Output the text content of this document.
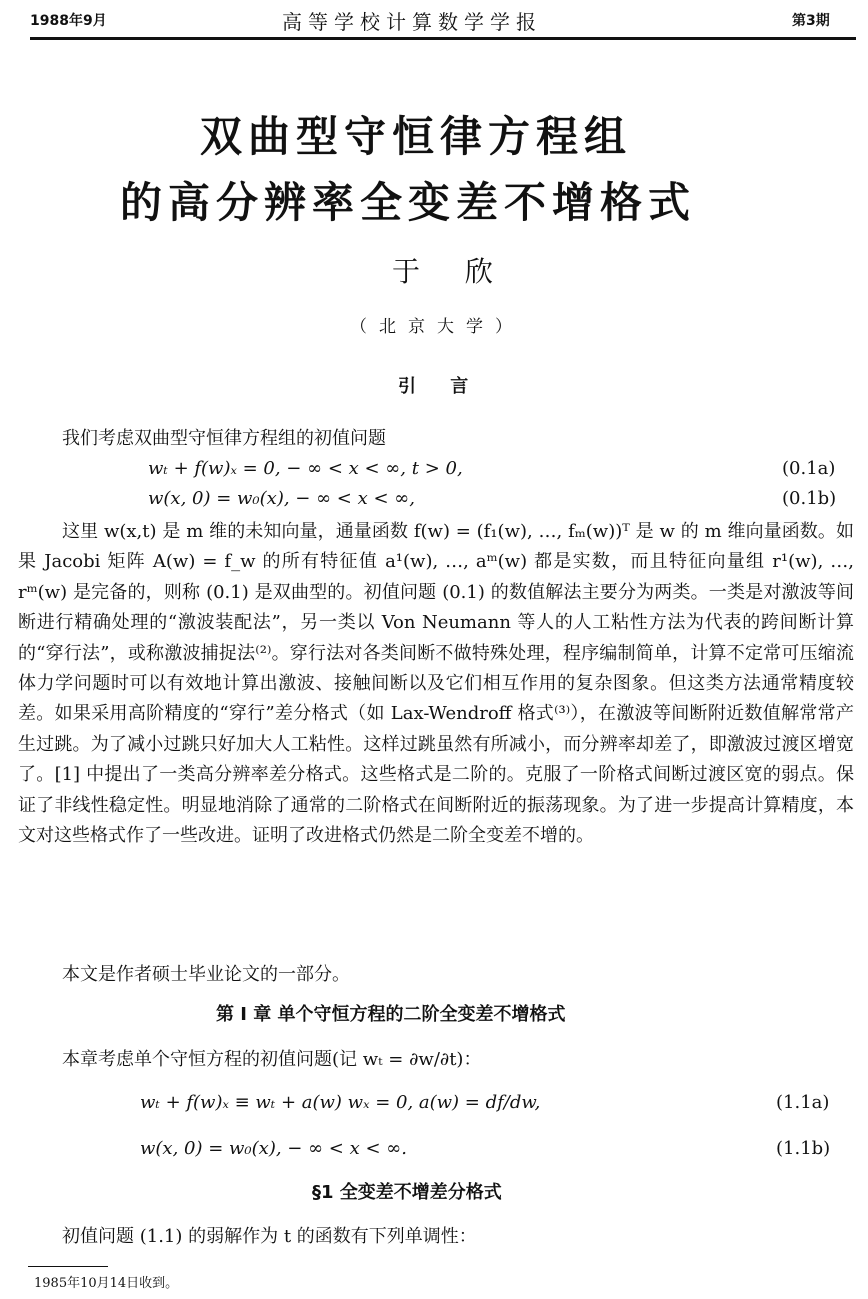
1988年9月	高等学校计算数学学报	第3期
双曲型守恒律方程组
的高分辨率全变差不增格式
于 欣
（北京大学）
引 言
我们考虑双曲型守恒律方程组的初值问题
wₜ + f(w)ₓ = 0, − ∞ < x < ∞, t > 0,	(0.1a)
w(x, 0) = w₀(x), − ∞ < x < ∞,	(0.1b)
这里 w(x,t) 是 m 维的未知向量，通量函数 f(w) = (f₁(w), …, fₘ(w))ᵀ 是 w 的 m 维向量函数。如果 Jacobi 矩阵 A(w) = f_w 的所有特征值 a¹(w), …, aᵐ(w) 都是实数，而且特征向量组 r¹(w), …, rᵐ(w) 是完备的，则称 (0.1) 是双曲型的。初值问题 (0.1) 的数值解法主要分为两类。一类是对激波等间断进行精确处理的“激波装配法”，另一类以 Von Neumann 等人的人工粘性方法为代表的跨间断计算的“穿行法”，或称激波捕捉法⁽²⁾。穿行法对各类间断不做特殊处理，程序编制简单，计算不定常可压缩流体力学问题时可以有效地计算出激波、接触间断以及它们相互作用的复杂图象。但这类方法通常精度较差。如果采用高阶精度的“穿行”差分格式（如 Lax-Wendroff 格式⁽³⁾），在激波等间断附近数值解常常产生过跳。为了减小过跳只好加大人工粘性。这样过跳虽然有所减小，而分辨率却差了，即激波过渡区增宽了。[1] 中提出了一类高分辨率差分格式。这些格式是二阶的。克服了一阶格式间断过渡区宽的弱点。保证了非线性稳定性。明显地消除了通常的二阶格式在间断附近的振荡现象。为了进一步提高计算精度，本文对这些格式作了一些改进。证明了改进格式仍然是二阶全变差不增的。
本文是作者硕士毕业论文的一部分。
第 I 章 单个守恒方程的二阶全变差不增格式
本章考虑单个守恒方程的初值问题(记 wₜ = ∂w/∂t)：
wₜ + f(w)ₓ ≡ wₜ + a(w) wₓ = 0, a(w) = df/dw,	(1.1a)
w(x, 0) = w₀(x), − ∞ < x < ∞.	(1.1b)
§1 全变差不增差分格式
初值问题 (1.1) 的弱解作为 t 的函数有下列单调性：
1985年10月14日收到。
